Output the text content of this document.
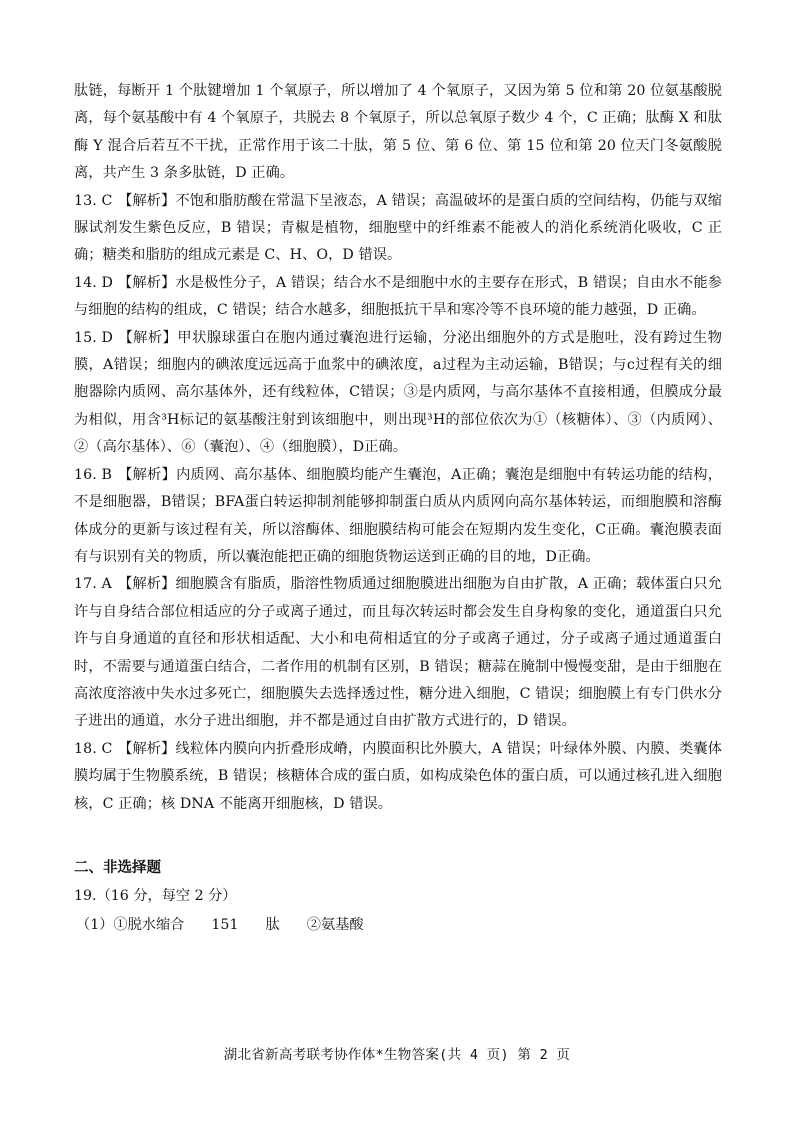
肽链，每断开 1 个肽键增加 1 个氧原子，所以增加了 4 个氧原子，又因为第 5 位和第 20 位氨基酸脱离，每个氨基酸中有 4 个氧原子，共脱去 8 个氧原子，所以总氧原子数少 4 个，C 正确；肽酶 X 和肽酶 Y 混合后若互不干扰，正常作用于该二十肽，第 5 位、第 6 位、第 15 位和第 20 位天门冬氨酸脱离，共产生 3 条多肽链，D 正确。

13. C 【解析】不饱和脂肪酸在常温下呈液态，A 错误；高温破坏的是蛋白质的空间结构，仍能与双缩脲试剂发生紫色反应，B 错误；青椒是植物，细胞壁中的纤维素不能被人的消化系统消化吸收，C 正确；糖类和脂肪的组成元素是 C、H、O，D 错误。

14. D 【解析】水是极性分子，A 错误；结合水不是细胞中水的主要存在形式，B 错误；自由水不能参与细胞的结构的组成，C 错误；结合水越多，细胞抵抗干旱和寒冷等不良环境的能力越强，D 正确。

15. D 【解析】甲状腺球蛋白在胞内通过囊泡进行运输，分泌出细胞外的方式是胞吐，没有跨过生物膜，A错误；细胞内的碘浓度远远高于血浆中的碘浓度，a过程为主动运输，B错误；与c过程有关的细胞器除内质网、高尔基体外，还有线粒体，C错误；③是内质网，与高尔基体不直接相通，但膜成分最为相似，用含³H标记的氨基酸注射到该细胞中，则出现³H的部位依次为①（核糖体）、③（内质网）、②（高尔基体）、⑥（囊泡）、④（细胞膜），D正确。

16. B 【解析】内质网、高尔基体、细胞膜均能产生囊泡，A正确；囊泡是细胞中有转运功能的结构，不是细胞器，B错误；BFA蛋白转运抑制剂能够抑制蛋白质从内质网向高尔基体转运，而细胞膜和溶酶体成分的更新与该过程有关，所以溶酶体、细胞膜结构可能会在短期内发生变化，C正确。囊泡膜表面有与识别有关的物质，所以囊泡能把正确的细胞货物运送到正确的目的地，D正确。

17. A 【解析】细胞膜含有脂质，脂溶性物质通过细胞膜进出细胞为自由扩散，A 正确；载体蛋白只允许与自身结合部位相适应的分子或离子通过，而且每次转运时都会发生自身构象的变化，通道蛋白只允许与自身通道的直径和形状相适配、大小和电荷相适宜的分子或离子通过，分子或离子通过通道蛋白时，不需要与通道蛋白结合，二者作用的机制有区别，B 错误；糖蒜在腌制中慢慢变甜，是由于细胞在高浓度溶液中失水过多死亡，细胞膜失去选择透过性，糖分进入细胞，C 错误；细胞膜上有专门供水分子进出的通道，水分子进出细胞，并不都是通过自由扩散方式进行的，D 错误。

18. C 【解析】线粒体内膜向内折叠形成嵴，内膜面积比外膜大，A 错误；叶绿体外膜、内膜、类囊体膜均属于生物膜系统，B 错误；核糖体合成的蛋白质，如构成染色体的蛋白质，可以通过核孔进入细胞核，C 正确；核 DNA 不能离开细胞核，D 错误。

二、非选择题

19.（16 分，每空 2 分）

（1）①脱水缩合      151      肽      ②氨基酸

湖北省新高考联考协作体*生物答案(共 4 页) 第 2 页
